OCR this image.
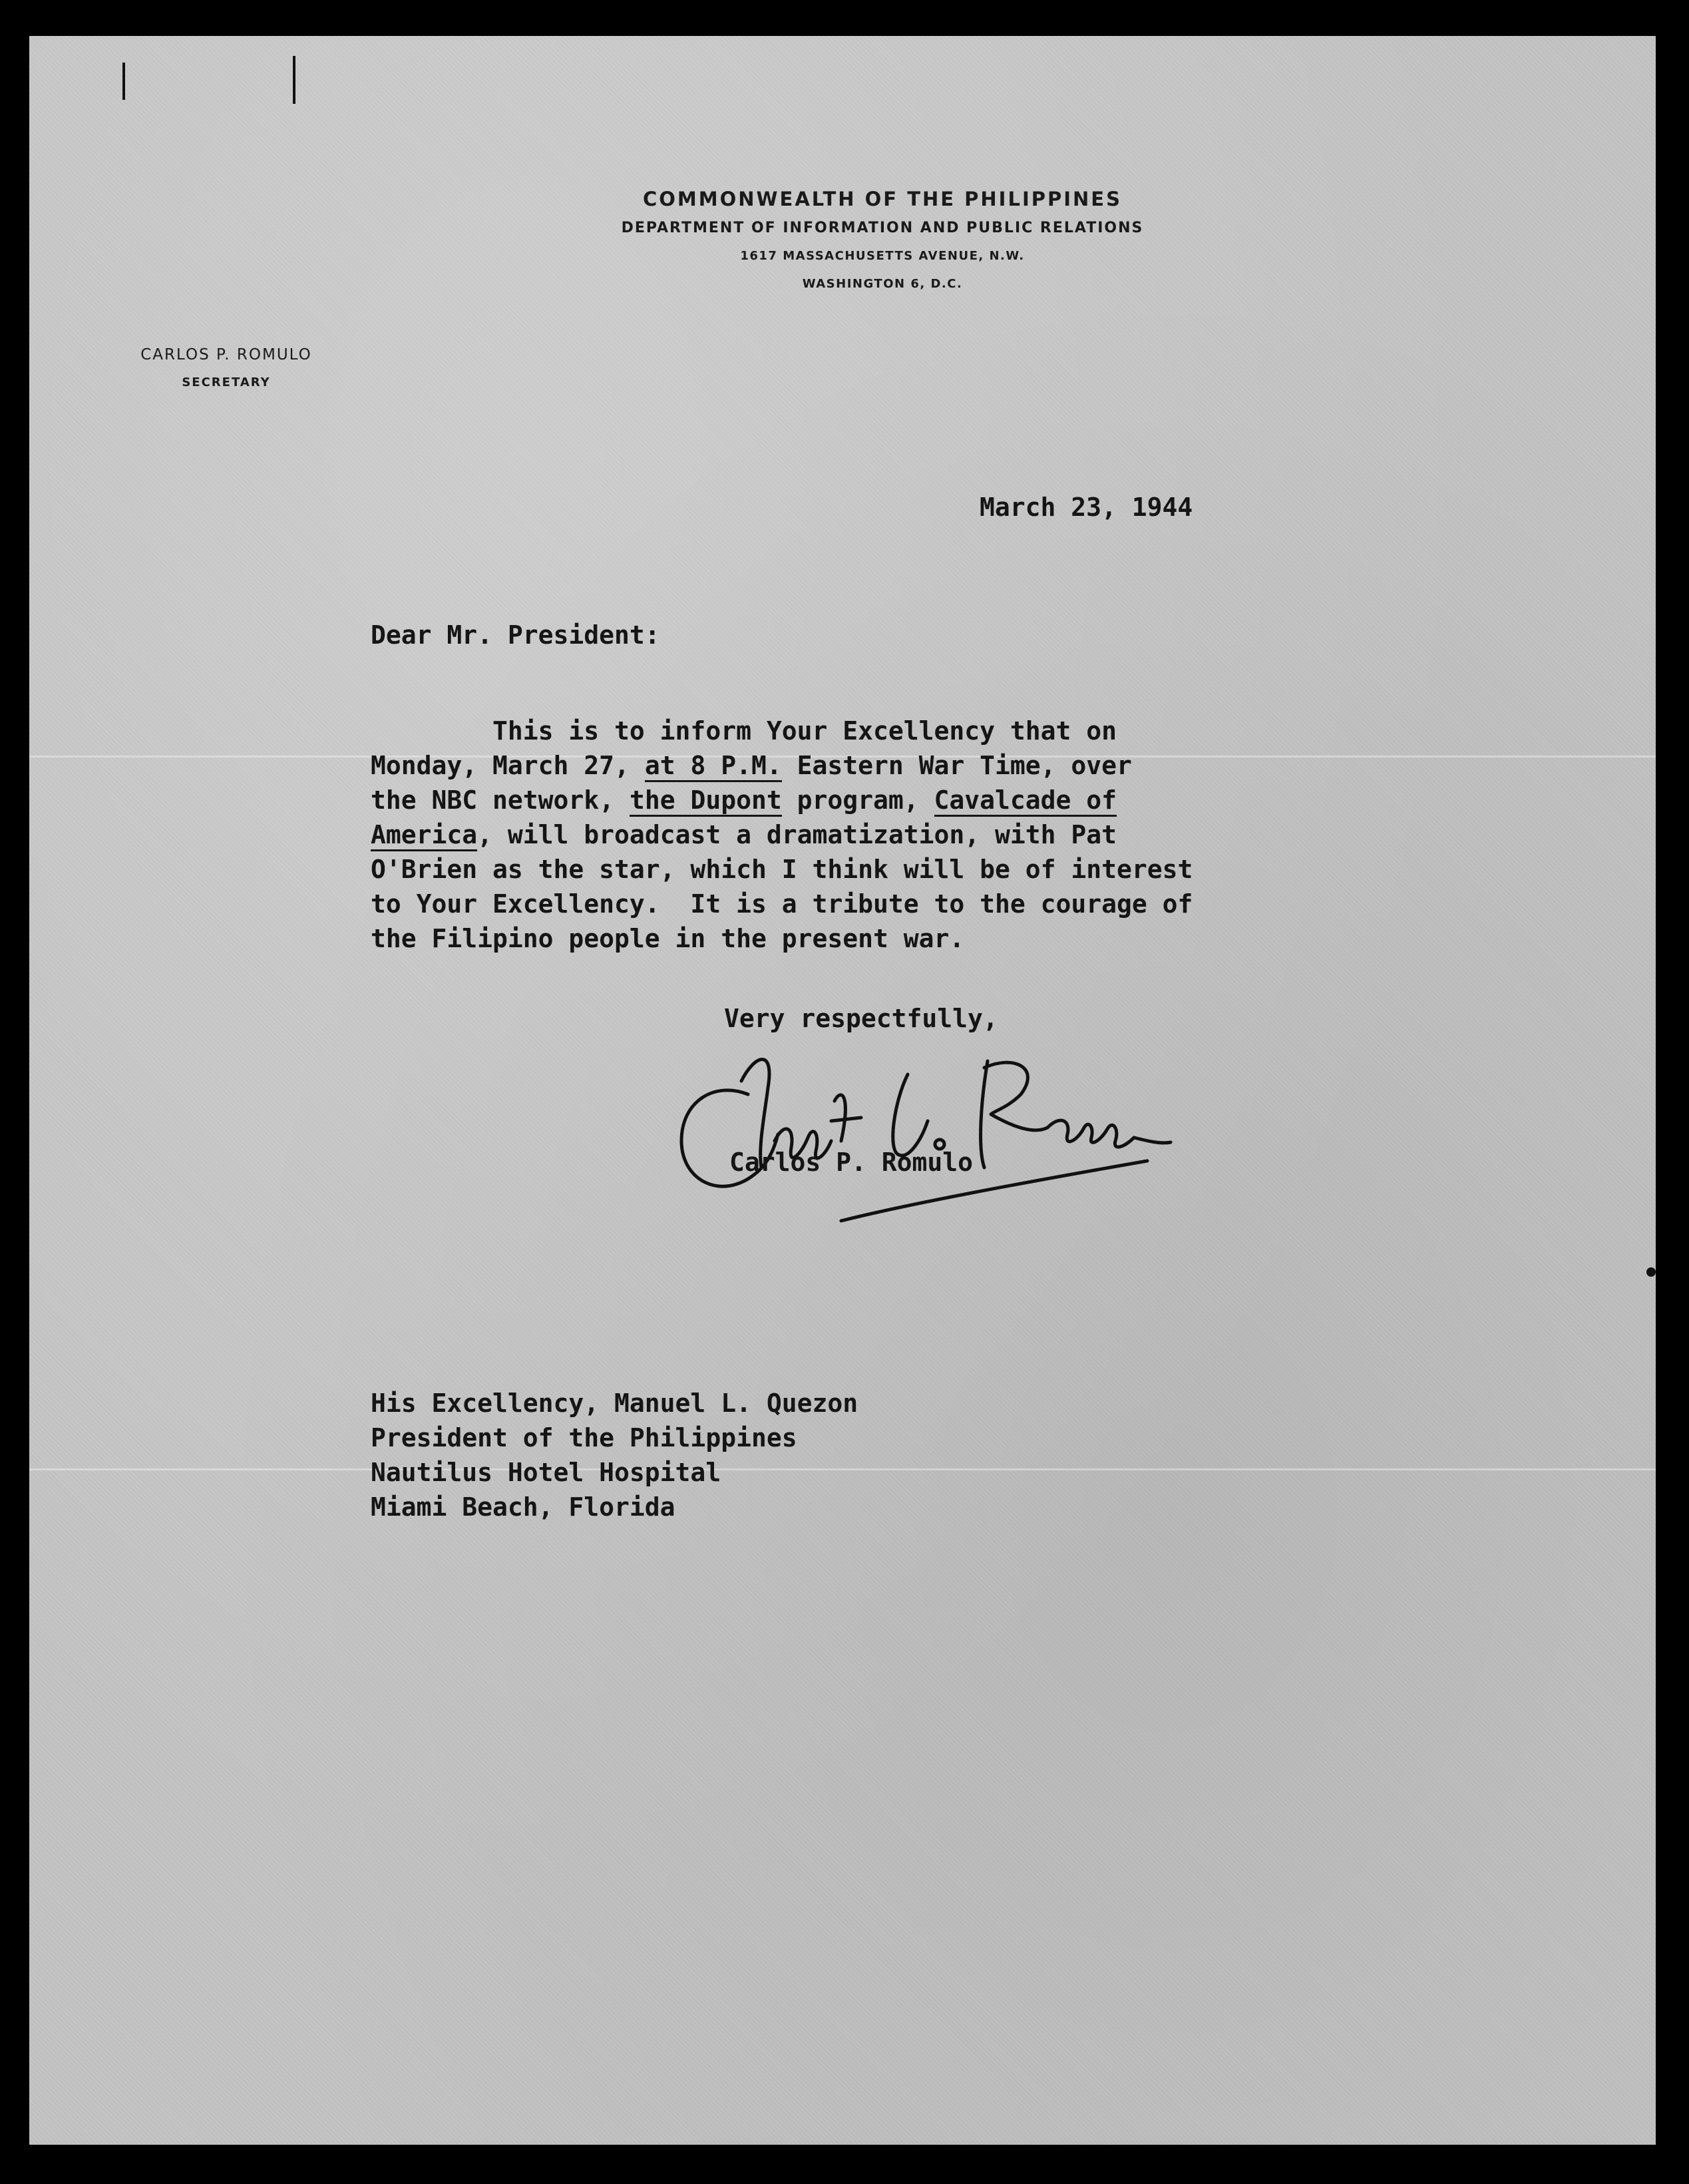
COMMONWEALTH OF THE PHILIPPINES
DEPARTMENT OF INFORMATION AND PUBLIC RELATIONS
1617 MASSACHUSETTS AVENUE, N.W.
WASHINGTON 6, D.C.
CARLOS P. ROMULO
SECRETARY
March 23, 1944
Dear Mr. President:
This is to inform Your Excellency that on
Monday, March 27, at 8 P.M. Eastern War Time, over
the NBC network, the Dupont program, Cavalcade of
America, will broadcast a dramatization, with Pat
O'Brien as the star, which I think will be of interest
to Your Excellency.  It is a tribute to the courage of
the Filipino people in the present war.
Very respectfully,
Carlos P. Romulo
His Excellency, Manuel L. Quezon
President of the Philippines
Nautilus Hotel Hospital
Miami Beach, Florida
